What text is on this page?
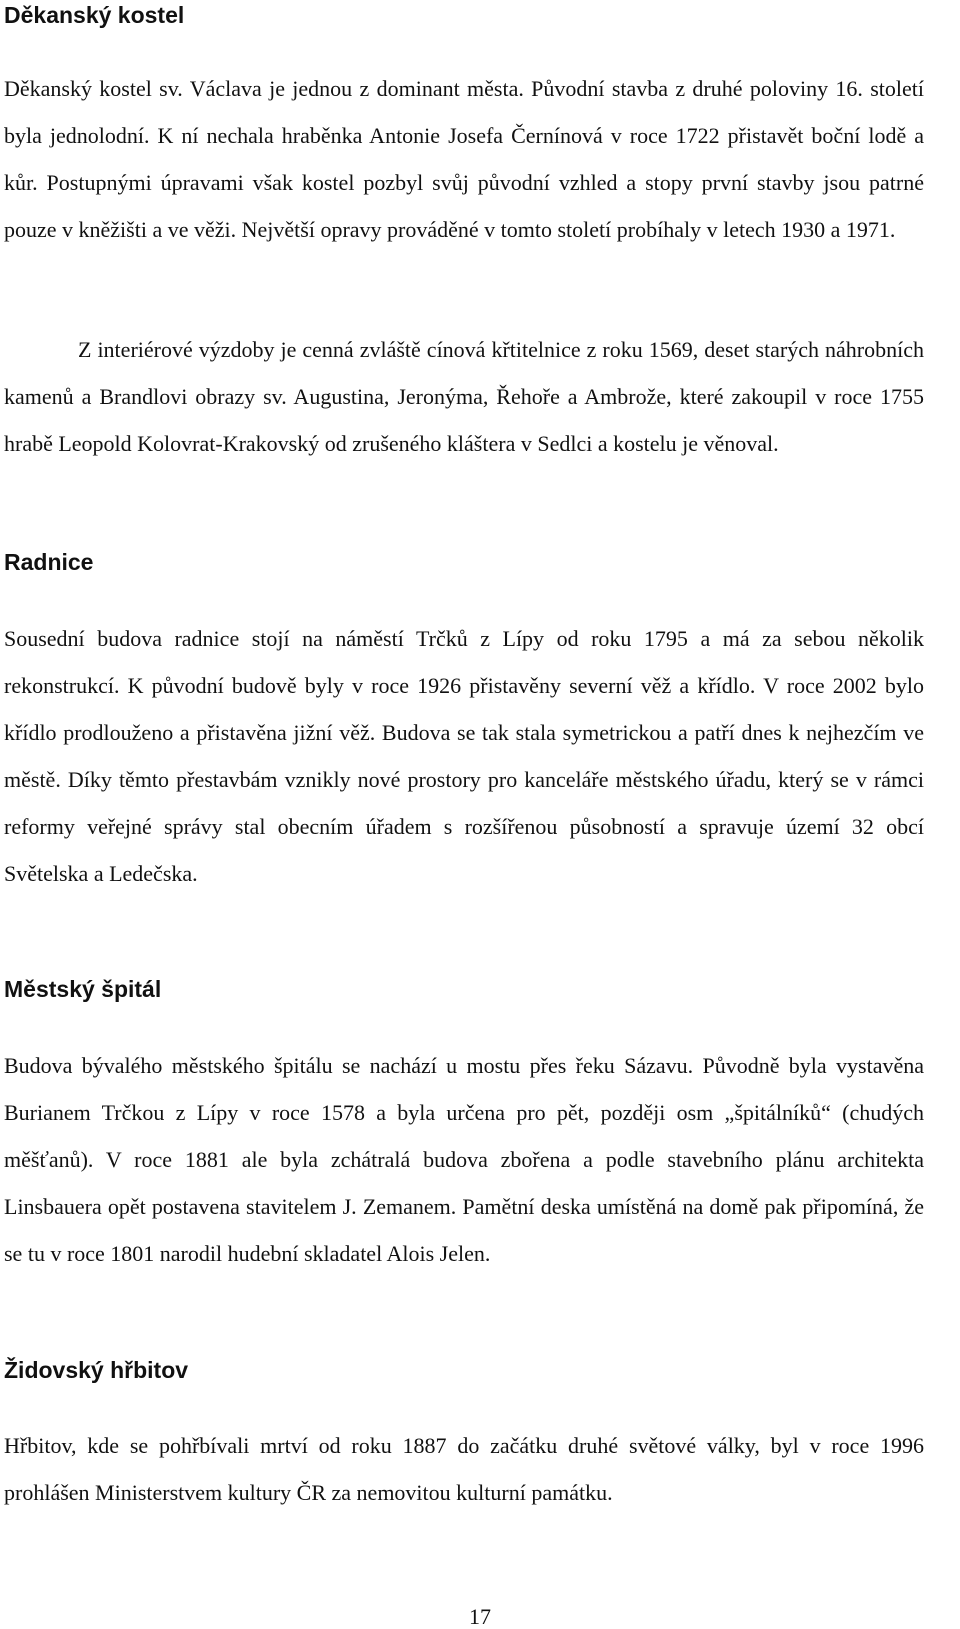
Děkanský kostel

Děkanský kostel sv. Václava je jednou z dominant města. Původní stavba z druhé poloviny 16. století byla jednolodní. K ní nechala hraběnka Antonie Josefa Černínová v roce 1722 přistavět boční lodě a kůr. Postupnými úpravami však kostel pozbyl svůj původní vzhled a stopy první stavby jsou patrné pouze v kněžišti a ve věži. Největší opravy prováděné v tomto století probíhaly v letech 1930 a 1971.

Z interiérové výzdoby je cenná zvláště cínová křtitelnice z roku 1569, deset starých náhrobních kamenů a Brandlovi obrazy sv. Augustina, Jeronýma, Řehoře a Ambrože, které zakoupil v roce 1755 hrabě Leopold Kolovrat-Krakovský od zrušeného kláštera v Sedlci a kostelu je věnoval.

Radnice

Sousední budova radnice stojí na náměstí Trčků z Lípy od roku 1795 a má za sebou několik rekonstrukcí. K původní budově byly v roce 1926 přistavěny severní věž a křídlo. V roce 2002 bylo křídlo prodlouženo a přistavěna jižní věž. Budova se tak stala symetrickou a patří dnes k nejhezčím ve městě. Díky těmto přestavbám vznikly nové prostory pro kanceláře městského úřadu, který se v rámci reformy veřejné správy stal obecním úřadem s rozšířenou působností a spravuje území 32 obcí Světelska a Ledečska.

Městský špitál

Budova bývalého městského špitálu se nachází u mostu přes řeku Sázavu. Původně byla vystavěna Burianem Trčkou z Lípy v roce 1578 a byla určena pro pět, později osm „špitálníků“ (chudých měšťanů). V roce 1881 ale byla zchátralá budova zbořena a podle stavebního plánu architekta Linsbauera opět postavena stavitelem J. Zemanem. Pamětní deska umístěná na domě pak připomíná, že se tu v roce 1801 narodil hudební skladatel Alois Jelen.

Židovský hřbitov

Hřbitov, kde se pohřbívali mrtví od roku 1887 do začátku druhé světové války, byl v roce 1996 prohlášen Ministerstvem kultury ČR za nemovitou kulturní památku.

17
